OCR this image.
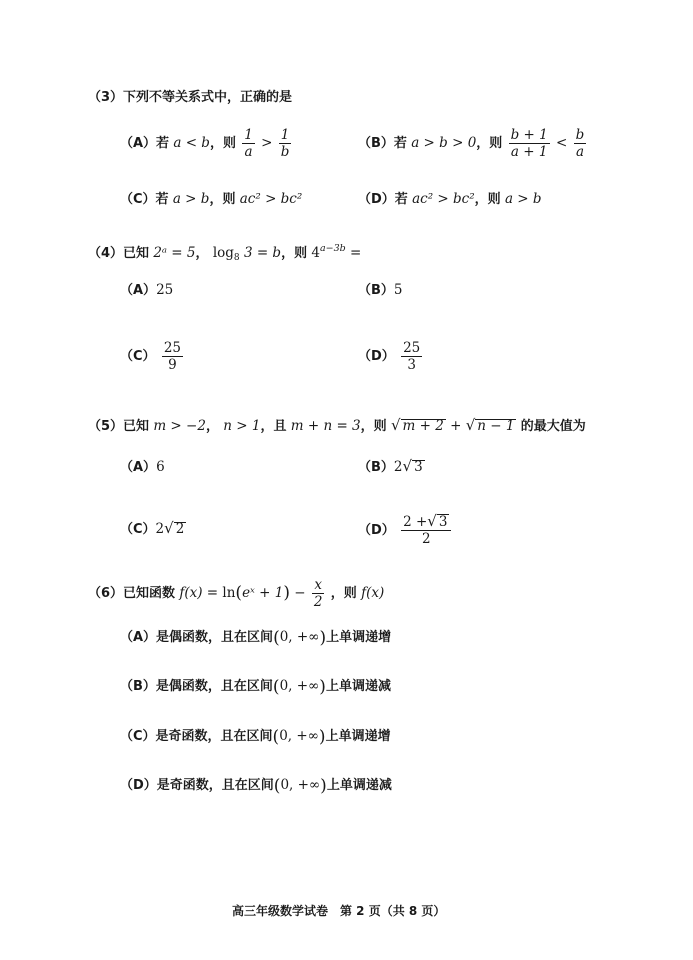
（3）下列不等关系式中，正确的是
（A）若 a < b，则 $\frac{1}{a} > \frac{1}{b}$	（B）若 a > b > 0，则 $\frac{b + 1}{a + 1} < \frac{b}{a}$
（C）若 a > b，则 ac² > bc²	（D）若 ac² > bc²，则 a > b
（4）已知 2ᵃ = 5， $\log_8 3 = b$，则 $4^{a-3b}$ =
（A）25	（B）5
$(C) \frac{25}{9}$	$(D) \frac{25}{3}$
（5）已知 m > −2， n > 1，且 m + n = 3，则 √ m + 2 + √ n − 1 的最大值为
（A）6	（B）2 √ 3
（C）2 √ 2	$(D) \frac{2 + √ 3}{2}$
（6）已知函数 f(x) = ln(eˣ + $1) - \frac{x}{2}$ ，则 f(x)
（A）是偶函数，且在区间(0, +∞)上单调递增
（B）是偶函数，且在区间(0, +∞)上单调递减
（C）是奇函数，且在区间(0, +∞)上单调递增
（D）是奇函数，且在区间(0, +∞)上单调递减
高三年级数学试卷　第 2 页（共 8 页）
